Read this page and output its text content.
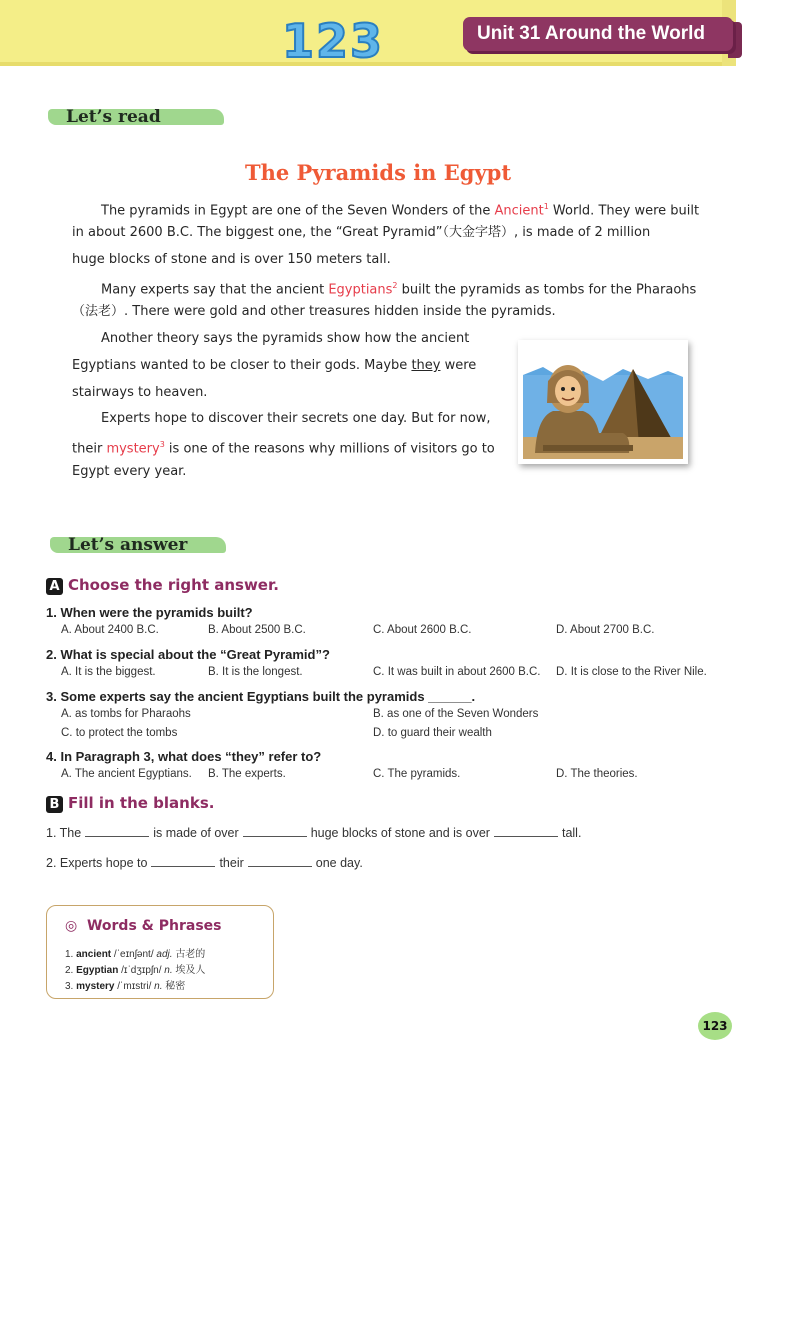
123	Unit 31 Around the World
Let’s read
The Pyramids in Egypt
The pyramids in Egypt are one of the Seven Wonders of the Ancient$^1$ World. They were built
in about 2600 B.C. The biggest one, the “Great Pyramid”（大金字塔）, is made of 2 million
huge blocks of stone and is over 150 meters tall.
Many experts say that the ancient Egyptians$^2$ built the pyramids as tombs for the Pharaohs
（法老）. There were gold and other treasures hidden inside the pyramids.
Another theory says the pyramids show how the ancient
Egyptians wanted to be closer to their gods. Maybe they were
stairways to heaven.
Experts hope to discover their secrets one day. But for now,
their mystery$^3$ is one of the reasons why millions of visitors go to
Egypt every year.
Let’s answer
A Choose the right answer.
1. When were the pyramids built?
A. About 2400 B.C.	B. About 2500 B.C.	C. About 2600 B.C.	D. About 2700 B.C.
2. What is special about the “Great Pyramid”?
A. It is the biggest.	B. It is the longest.	C. It was built in about 2600 B.C. D. It is close to the River Nile.
3. Some experts say the ancient Egyptians built the pyramids ______.
A. as tombs for Pharaohs	B. as one of the Seven Wonders
C. to protect the tombs	D. to guard their wealth
4. In Paragraph 3, what does “they” refer to?
A. The ancient Egyptians. B. The experts.	C. The pyramids.	D. The theories.
B Fill in the blanks.
1. The	is made of over	huge blocks of stone and is over	tall.
2. Experts hope to	their	one day.
◎ Words & Phrases
1. ancient /ˈeɪnʃənt/ adj. 古老的
2. Egyptian /ɪˈdʒɪpʃn/ n. 埃及人
3. mystery /ˈmɪstri/ n. 秘密
123
